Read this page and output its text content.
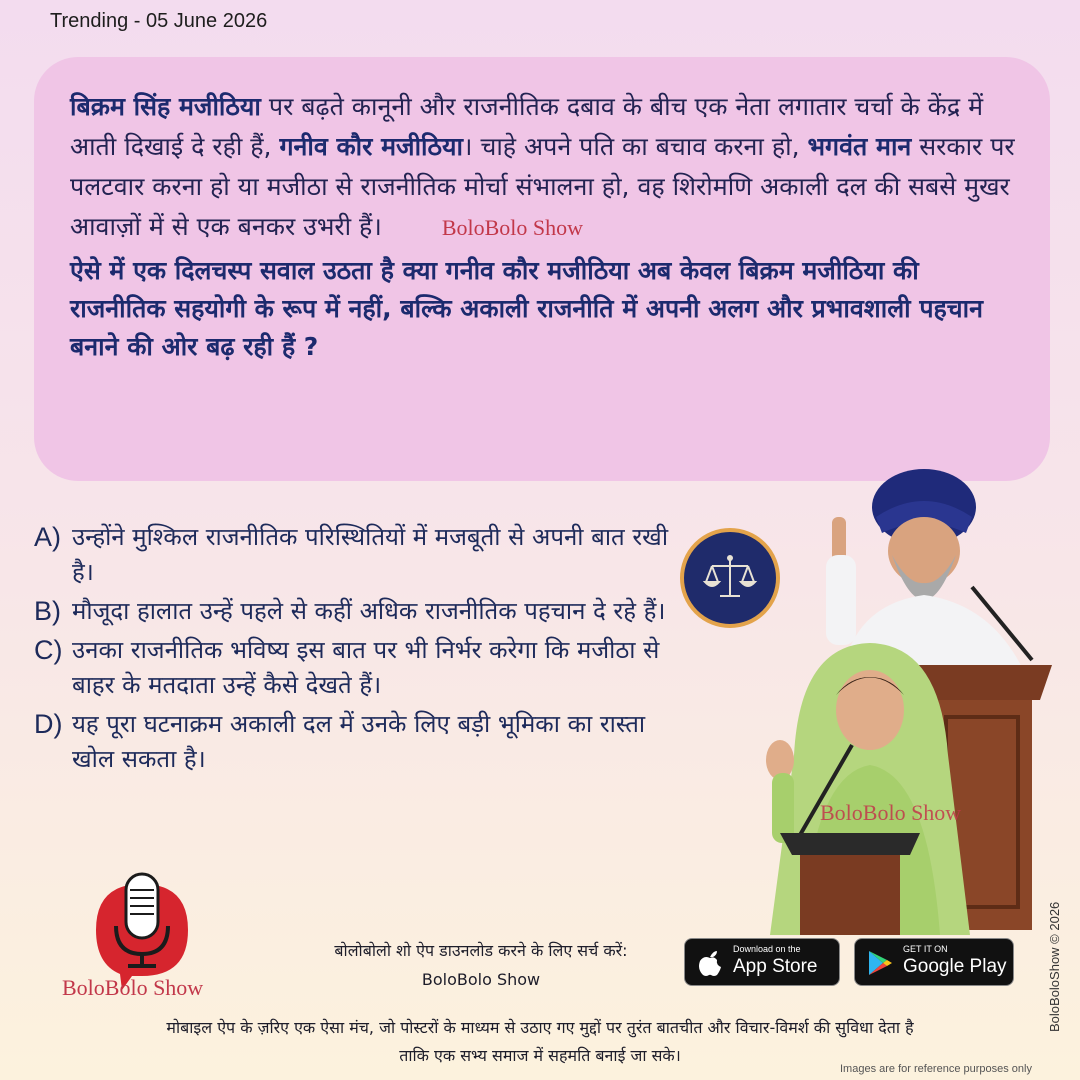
Trending - 05 June 2026

बिक्रम सिंह मजीठिया पर बढ़ते कानूनी और राजनीतिक दबाव के बीच एक नेता लगातार चर्चा के केंद्र में आती दिखाई दे रही हैं, गनीव कौर मजीठिया। चाहे अपने पति का बचाव करना हो, भगवंत मान सरकार पर पलटवार करना हो या मजीठा से राजनीतिक मोर्चा संभालना हो, वह शिरोमणि अकाली दल की सबसे मुखर आवाज़ों में से एक बनकर उभरी हैं।	BoloBolo Show

ऐसे में एक दिलचस्प सवाल उठता है क्या गनीव कौर मजीठिया अब केवल बिक्रम मजीठिया की राजनीतिक सहयोगी के रूप में नहीं, बल्कि अकाली राजनीति में अपनी अलग और प्रभावशाली पहचान बनाने की ओर बढ़ रही हैं ?

A) उन्होंने मुश्किल राजनीतिक परिस्थितियों में मजबूती से अपनी बात रखी है।
B) मौजूदा हालात उन्हें पहले से कहीं अधिक राजनीतिक पहचान दे रहे हैं।
C) उनका राजनीतिक भविष्य इस बात पर भी निर्भर करेगा कि मजीठा से बाहर के मतदाता उन्हें कैसे देखते हैं।
D) यह पूरा घटनाक्रम अकाली दल में उनके लिए बड़ी भूमिका का रास्ता खोल सकता है।
BoloBolo Show
BoloBolo Show
बोलोबोलो शो ऐप डाउनलोड करने के लिए सर्च करें:
BoloBolo Show
Download on the
App Store
GET IT ON
Google Play	BoloBoloShow © 2026
मोबाइल ऐप के ज़रिए एक ऐसा मंच, जो पोस्टरों के माध्यम से उठाए गए मुद्दों पर तुरंत बातचीत और विचार-विमर्श की सुविधा देता है
ताकि एक सभ्य समाज में सहमति बनाई जा सके।
Images are for reference purposes only
